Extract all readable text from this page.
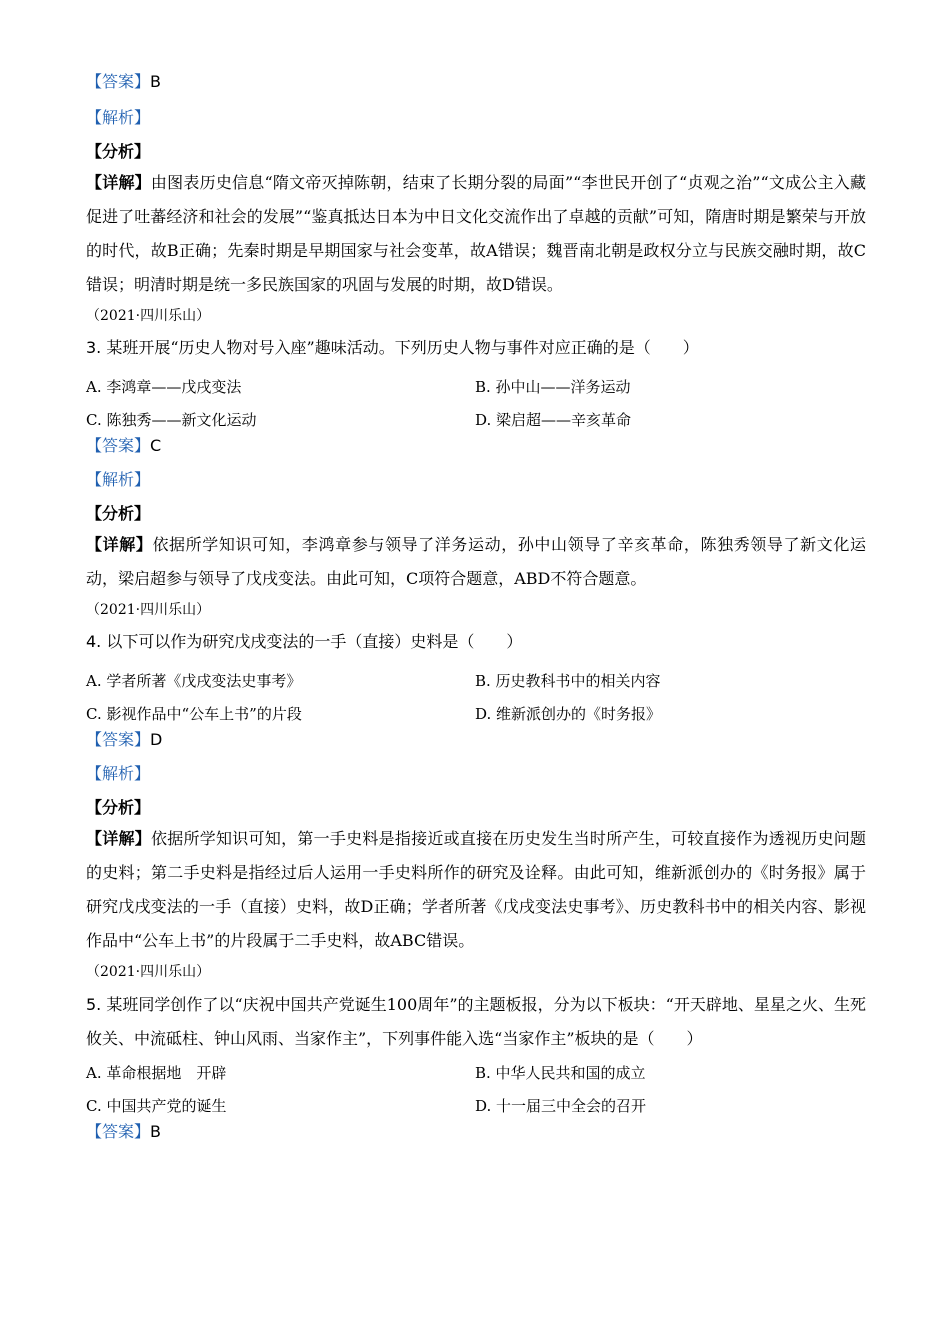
【答案】B
【解析】
【分析】
【详解】由图表历史信息“隋文帝灭掉陈朝，结束了长期分裂的局面”“李世民开创了“贞观之治”“文成公主入藏促进了吐蕃经济和社会的发展”“鉴真抵达日本为中日文化交流作出了卓越的贡献”可知，隋唐时期是繁荣与开放的时代，故B正确；先秦时期是早期国家与社会变革，故A错误；魏晋南北朝是政权分立与民族交融时期，故C错误；明清时期是统一多民族国家的巩固与发展的时期，故D错误。
（2021·四川乐山）
3. 某班开展“历史人物对号入座”趣味活动。下列历史人物与事件对应正确的是（　　）
A. 李鸿章——戊戌变法	B. 孙中山——洋务运动
C. 陈独秀——新文化运动	D. 梁启超——辛亥革命
【答案】C
【解析】
【分析】
【详解】依据所学知识可知，李鸿章参与领导了洋务运动，孙中山领导了辛亥革命，陈独秀领导了新文化运动，梁启超参与领导了戊戌变法。由此可知，C项符合题意，ABD不符合题意。
（2021·四川乐山）
4. 以下可以作为研究戊戌变法的一手（直接）史料是（　　）
A. 学者所著《戊戌变法史事考》	B. 历史教科书中的相关内容
C. 影视作品中“公车上书”的片段	D. 维新派创办的《时务报》
【答案】D
【解析】
【分析】
【详解】依据所学知识可知，第一手史料是指接近或直接在历史发生当时所产生，可较直接作为透视历史问题的史料；第二手史料是指经过后人运用一手史料所作的研究及诠释。由此可知，维新派创办的《时务报》属于研究戊戌变法的一手（直接）史料，故D正确；学者所著《戊戌变法史事考》、历史教科书中的相关内容、影视作品中“公车上书”的片段属于二手史料，故ABC错误。
（2021·四川乐山）
5. 某班同学创作了以“庆祝中国共产党诞生100周年”的主题板报，分为以下板块：“开天辟地、星星之火、生死攸关、中流砥柱、钟山风雨、当家作主”，下列事件能入选“当家作主”板块的是（　　）
A. 革命根据地　开辟	B. 中华人民共和国的成立
C. 中国共产党的诞生	D. 十一届三中全会的召开
【答案】B
